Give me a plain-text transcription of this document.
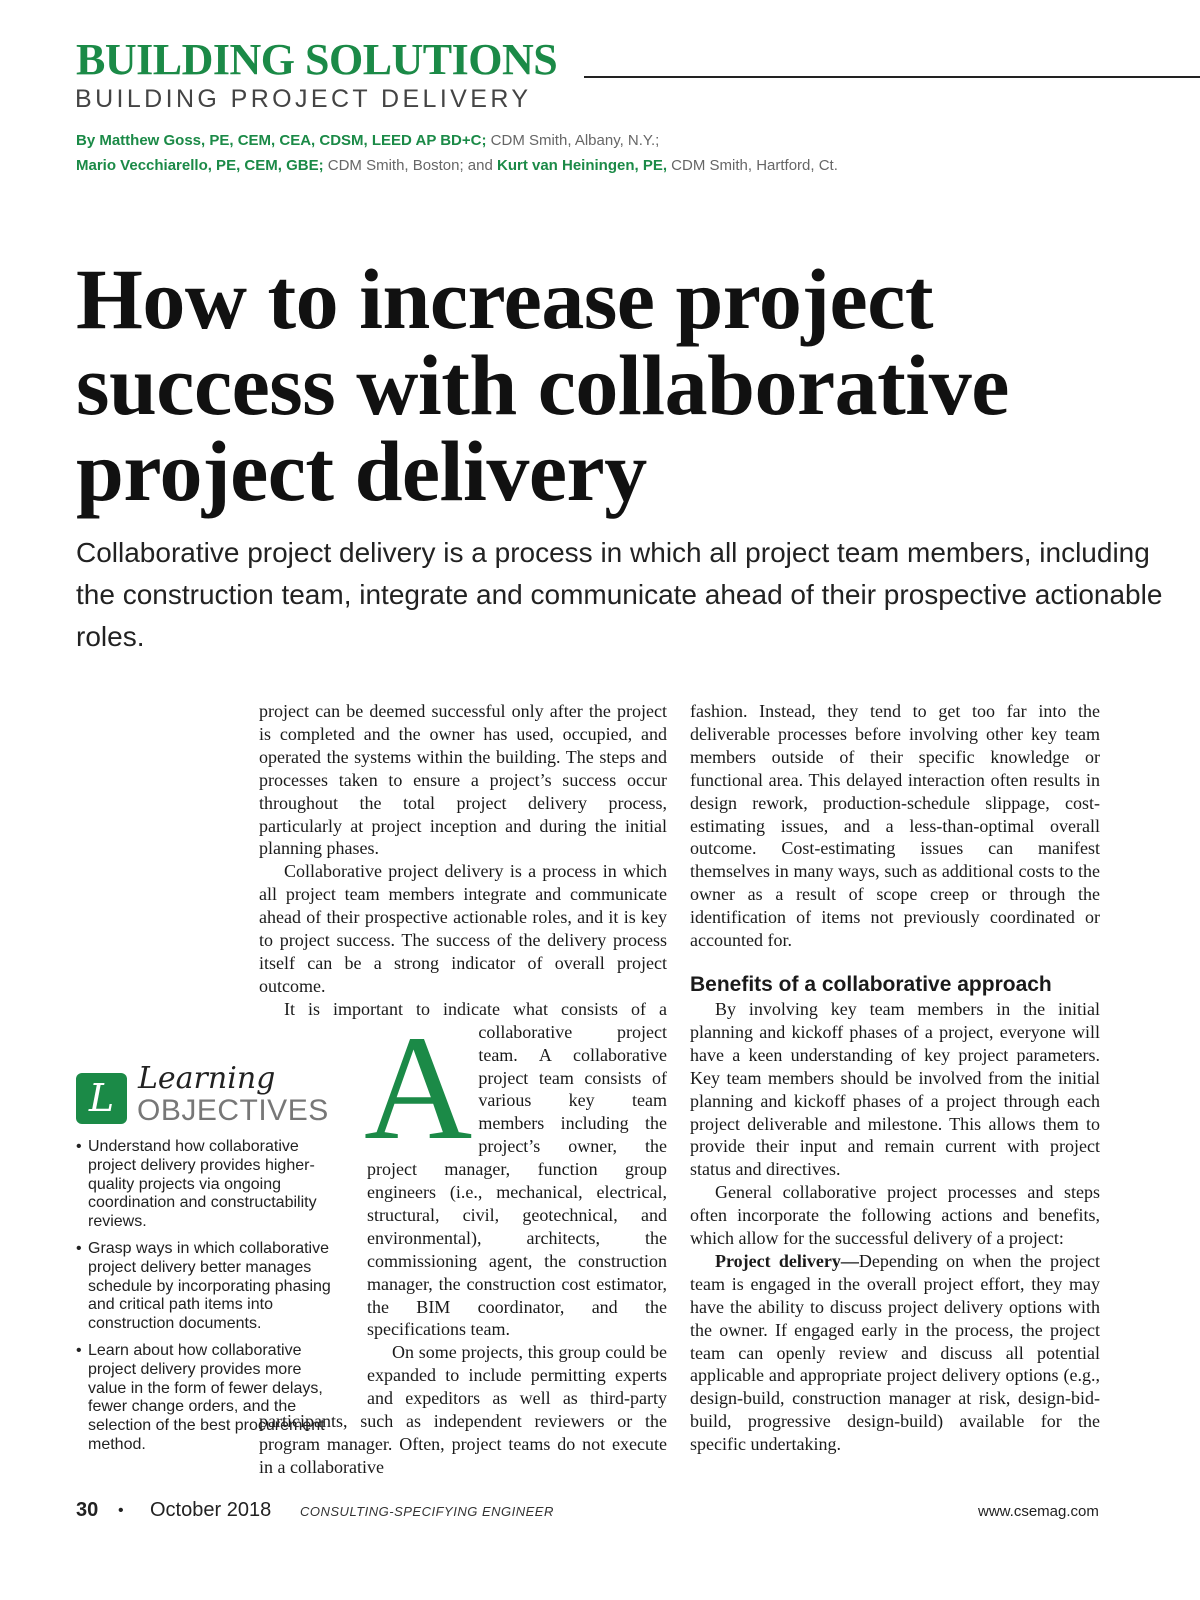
BUILDING SOLUTIONS
BUILDING PROJECT DELIVERY
By Matthew Goss, PE, CEM, CEA, CDSM, LEED AP BD+C; CDM Smith, Albany, N.Y.;
Mario Vecchiarello, PE, CEM, GBE; CDM Smith, Boston; and Kurt van Heiningen, PE, CDM Smith, Hartford, Ct.
How to increase project success with collaborative project delivery

Collaborative project delivery is a process in which all project team members, including the construction team, integrate and communicate ahead of their prospective actionable roles.

A
project can be deemed successful only after the project is completed and the owner has used, occupied, and operated the systems within the building. The steps and processes taken to ensure a project’s success occur throughout the total project delivery process, particularly at project inception and during the initial planning phases.

Collaborative project delivery is a process in which all project team members integrate and communicate ahead of their prospective actionable roles, and it is key to project success. The success of the delivery process itself can be a strong indicator of overall project outcome.

It is important to indicate what consists of a collaborative project team. A collaborative project team consists of various key team members including the project’s owner, the project manager, function group engineers (i.e., mechanical, electrical, structural, civil, geotechnical, and environmental), architects, the commissioning agent, the construction manager, the construction cost estimator, the BIM coordinator, and the specifications team.

On some projects, this group could be expanded to include permitting experts and expeditors as well as third-party participants, such as independent reviewers or the program manager. Often, project teams do not execute in a collaborative

fashion. Instead, they tend to get too far into the deliverable processes before involving other key team members outside of their specific knowledge or functional area. This delayed interaction often results in design rework, production-schedule slippage, cost-estimating issues, and a less-than-optimal overall outcome. Cost-estimating issues can manifest themselves in many ways, such as additional costs to the owner as a result of scope creep or through the identification of items not previously coordinated or accounted for.

Benefits of a collaborative approach

By involving key team members in the initial planning and kickoff phases of a project, everyone will have a keen understanding of key project parameters. Key team members should be involved from the initial planning and kickoff phases of a project through each project deliverable and milestone. This allows them to provide their input and remain current with project status and directives.

General collaborative project processes and steps often incorporate the following actions and benefits, which allow for the successful delivery of a project:

Project delivery—Depending on when the project team is engaged in the overall project effort, they may have the ability to discuss project delivery options with the owner. If engaged early in the process, the project team can openly review and discuss all potential applicable and appropriate project delivery options (e.g., design-build, construction manager at risk, design-bid-build, progressive design-build) available for the specific undertaking.

L Learning
OBJECTIVES
• Understand how collaborative project delivery provides higher-quality projects via ongoing coordination and constructability reviews.
• Grasp ways in which collaborative project delivery better manages schedule by incorporating phasing and critical path items into construction documents.
• Learn about how collaborative project delivery provides more value in the form of fewer delays, fewer change orders, and the selection of the best procurement method.
30 • October 2018 CONSULTING-SPECIFYING ENGINEER	www.csemag.com
